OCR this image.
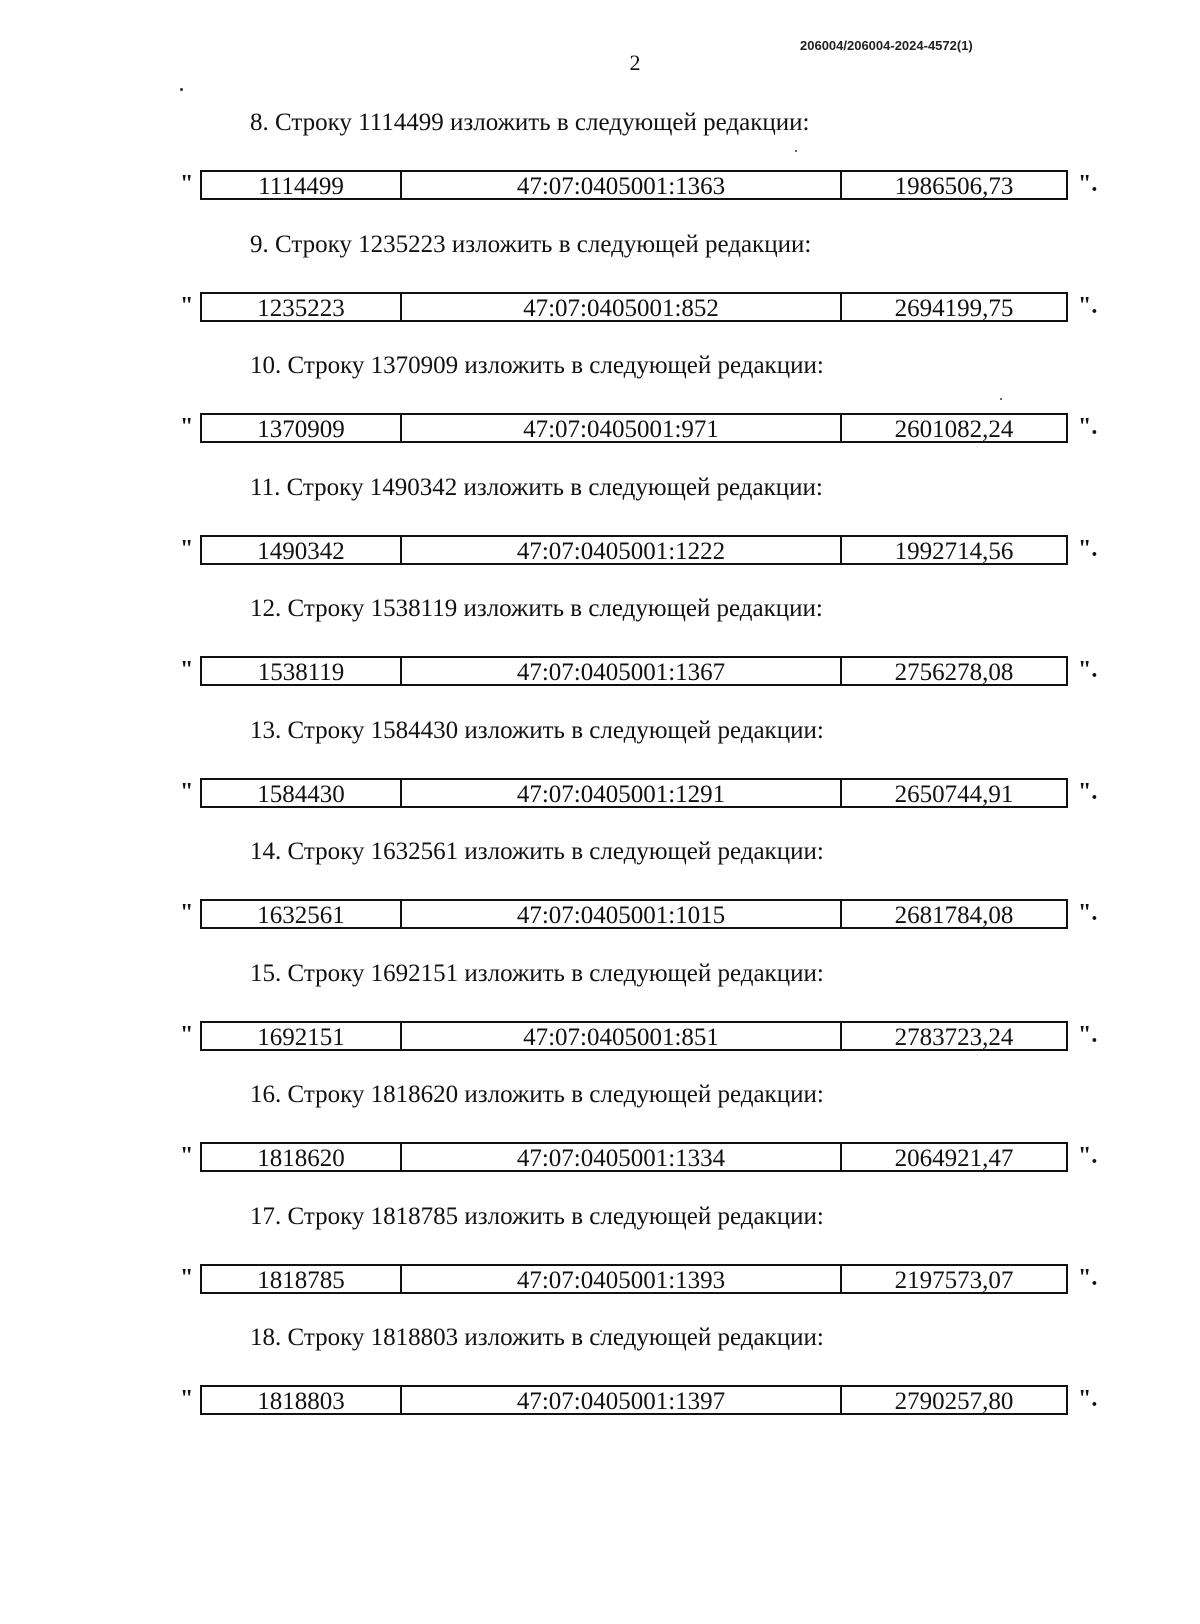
206004/206004-2024-4572(1)
2
8. Строку 1114499 изложить в следующей редакции:
"	1114499	47:07:0405001:1363	1986506,73	".
9. Строку 1235223 изложить в следующей редакции:
"	1235223	47:07:0405001:852	2694199,75	".
10. Строку 1370909 изложить в следующей редакции:
"	1370909	47:07:0405001:971	2601082,24	".
11. Строку 1490342 изложить в следующей редакции:
"	1490342	47:07:0405001:1222	1992714,56	".
12. Строку 1538119 изложить в следующей редакции:
"	1538119	47:07:0405001:1367	2756278,08	".
13. Строку 1584430 изложить в следующей редакции:
"	1584430	47:07:0405001:1291	2650744,91	".
14. Строку 1632561 изложить в следующей редакции:
"	1632561	47:07:0405001:1015	2681784,08	".
15. Строку 1692151 изложить в следующей редакции:
"	1692151	47:07:0405001:851	2783723,24	".
16. Строку 1818620 изложить в следующей редакции:
"	1818620	47:07:0405001:1334	2064921,47	".
17. Строку 1818785 изложить в следующей редакции:
"	1818785	47:07:0405001:1393	2197573,07	".
18. Строку 1818803 изложить в следующей редакции:
"	1818803	47:07:0405001:1397	2790257,80	".
